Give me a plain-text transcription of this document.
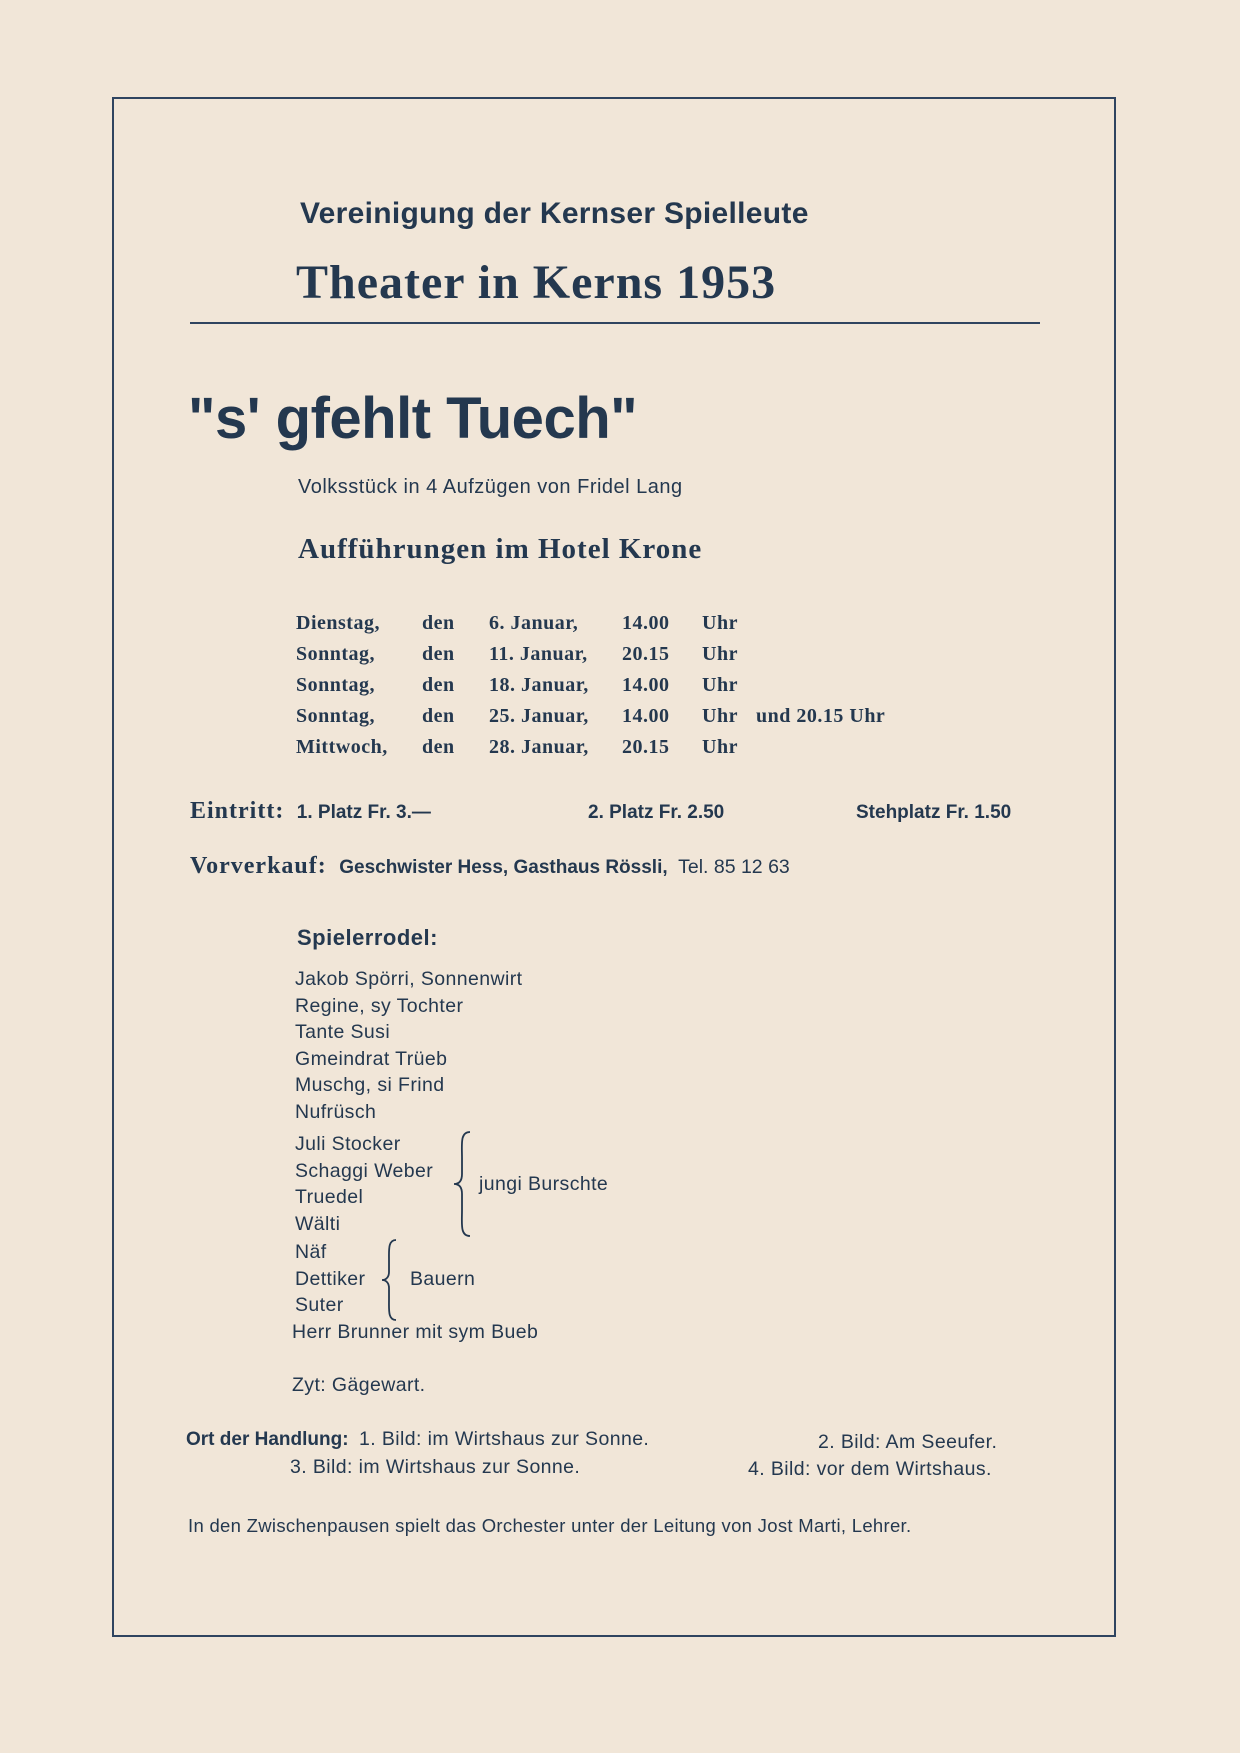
Vereinigung der Kernser Spielleute
Theater in Kerns 1953
"s' gfehlt Tuech"
Volksstück in 4 Aufzügen von Fridel Lang
Aufführungen im Hotel Krone
Dienstag, den 6. Januar, 14.00 Uhr
Sonntag, den 11. Januar, 20.15 Uhr
Sonntag, den 18. Januar, 14.00 Uhr
Sonntag, den 25. Januar, 14.00 Uhr und 20.15 Uhr
Mittwoch, den 28. Januar, 20.15 Uhr
Eintritt: 1. Platz Fr. 3.—	2. Platz Fr. 2.50	Stehplatz Fr. 1.50
Vorverkauf: Geschwister Hess, Gasthaus Rössli, Tel. 85 12 63
Spielerrodel:
Jakob Spörri, Sonnenwirt
Regine, sy Tochter
Tante Susi
Gmeindrat Trüeb
Muschg, si Frind
Nufrüsch
Juli Stocker
Schaggi Weber
Truedel
Wälti
jungi Burschte
Näf
Dettiker
Suter
Bauern
Herr Brunner mit sym Bueb
Zyt: Gägewart.
Ort der Handlung: 1. Bild: im Wirtshaus zur Sonne.	2. Bild: Am Seeufer.
3. Bild: im Wirtshaus zur Sonne.	4. Bild: vor dem Wirtshaus.
In den Zwischenpausen spielt das Orchester unter der Leitung von Jost Marti, Lehrer.
